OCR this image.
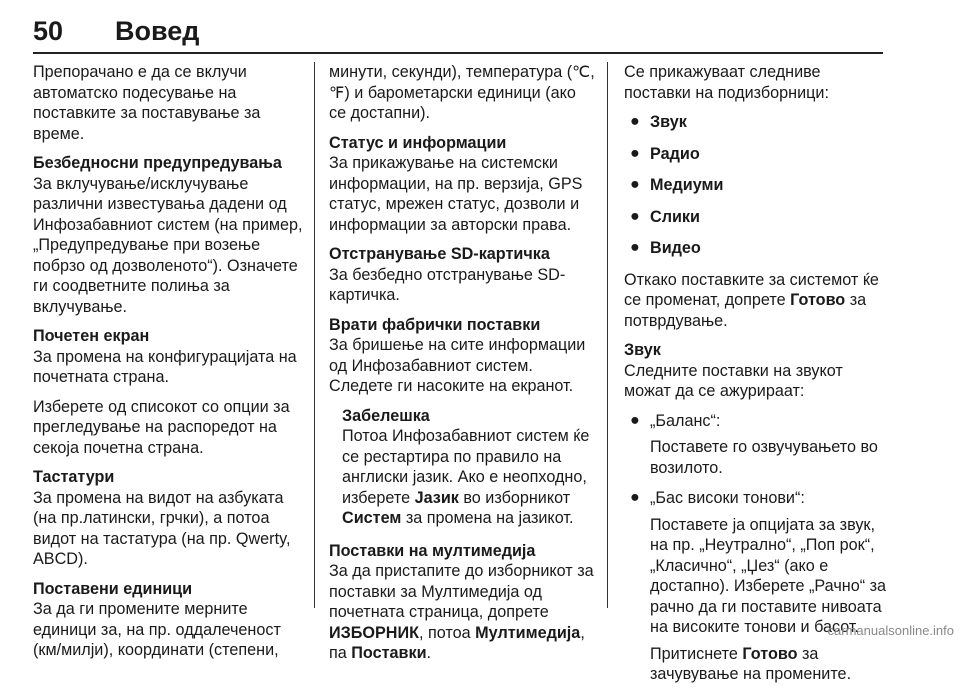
50 Вовед

Препорачано е да се вклучи автоматско подесување на поставките за поставување за време.

Безбедносни предупредувања
За вклучување/исклучување различни известувања дадени од Инфозабавниот систем (на пример, „Предупредување при возење побрзо од дозволеното“). Означете ги соодветните полиња за вклучување.
Почетен екран

За промена на конфигурацијата на почетната страна.

Изберете од списокот со опции за прегледување на распоредот на секоја почетна страна.
Тастатури
За промена на видот на азбуката (на пр.латински, грчки), а потоа видот на тастатура (на пр. Qwerty, ABCD).
Поставени единици
За да ги промените мерните единици за, на пр. оддалеченост (км/милји), координати (степени,

минути, секунди), температура (℃, ℉) и барометарски единици (ако се достапни).

Статус и информации
За прикажување на системски информации, на пр. верзија, GPS статус, мрежен статус, дозволи и информации за авторски права.
Отстранување SD-картичка
За безбедно отстранување SD-картичка.
Врати фабрички поставки
За бришење на сите информации од Инфозабавниот систем.
Следете ги насоките на екранот.
Забелешка
Потоа Инфозабавниот систем ќе се рестартира по правило на англиски јазик. Ако е неопходно, изберете Јазик во изборникот Систем за промена на јазикот.
Поставки на мултимедија
За да пристапите до изборникот за поставки за Мултимедија од почетната страница, допрете ИЗБОРНИК, потоа Мултимедија, па Поставки.

Се прикажуваат следниве поставки на подизборници:

● Звук
● Радио
● Медиуми
● Слики
● Видео

Откако поставките за системот ќе се променат, допрете Готово за потврдување.

Звук
Следните поставки на звукот можат да се ажурираат:
● „Баланс“:
Поставете го озвучувањето во возилото.
● „Бас високи тонови“:
Поставете ја опцијата за звук, на пр. „Неутрално“, „Поп рок“, „Класично“, „Џез“ (ако е достапно). Изберете „Рачно“ за рачно да ги поставите нивоата на високите тонови и басот.
Притиснете Готово за зачувување на промените.
carmanualsonline.info
